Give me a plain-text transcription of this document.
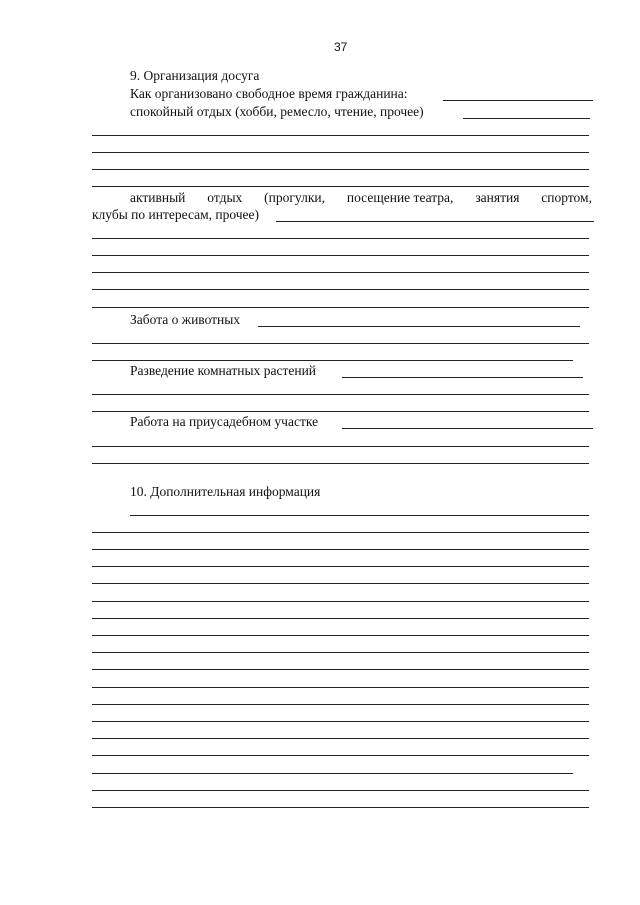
37
9. Организация досуга
Как организовано свободное время гражданина:
спокойный отдых (хобби, ремесло, чтение, прочее)
активный отдых (прогулки, посещение театра, занятия спортом,
клубы по интересам, прочее)
Забота о животных
Разведение комнатных растений
Работа на приусадебном участке
10. Дополнительная информация
